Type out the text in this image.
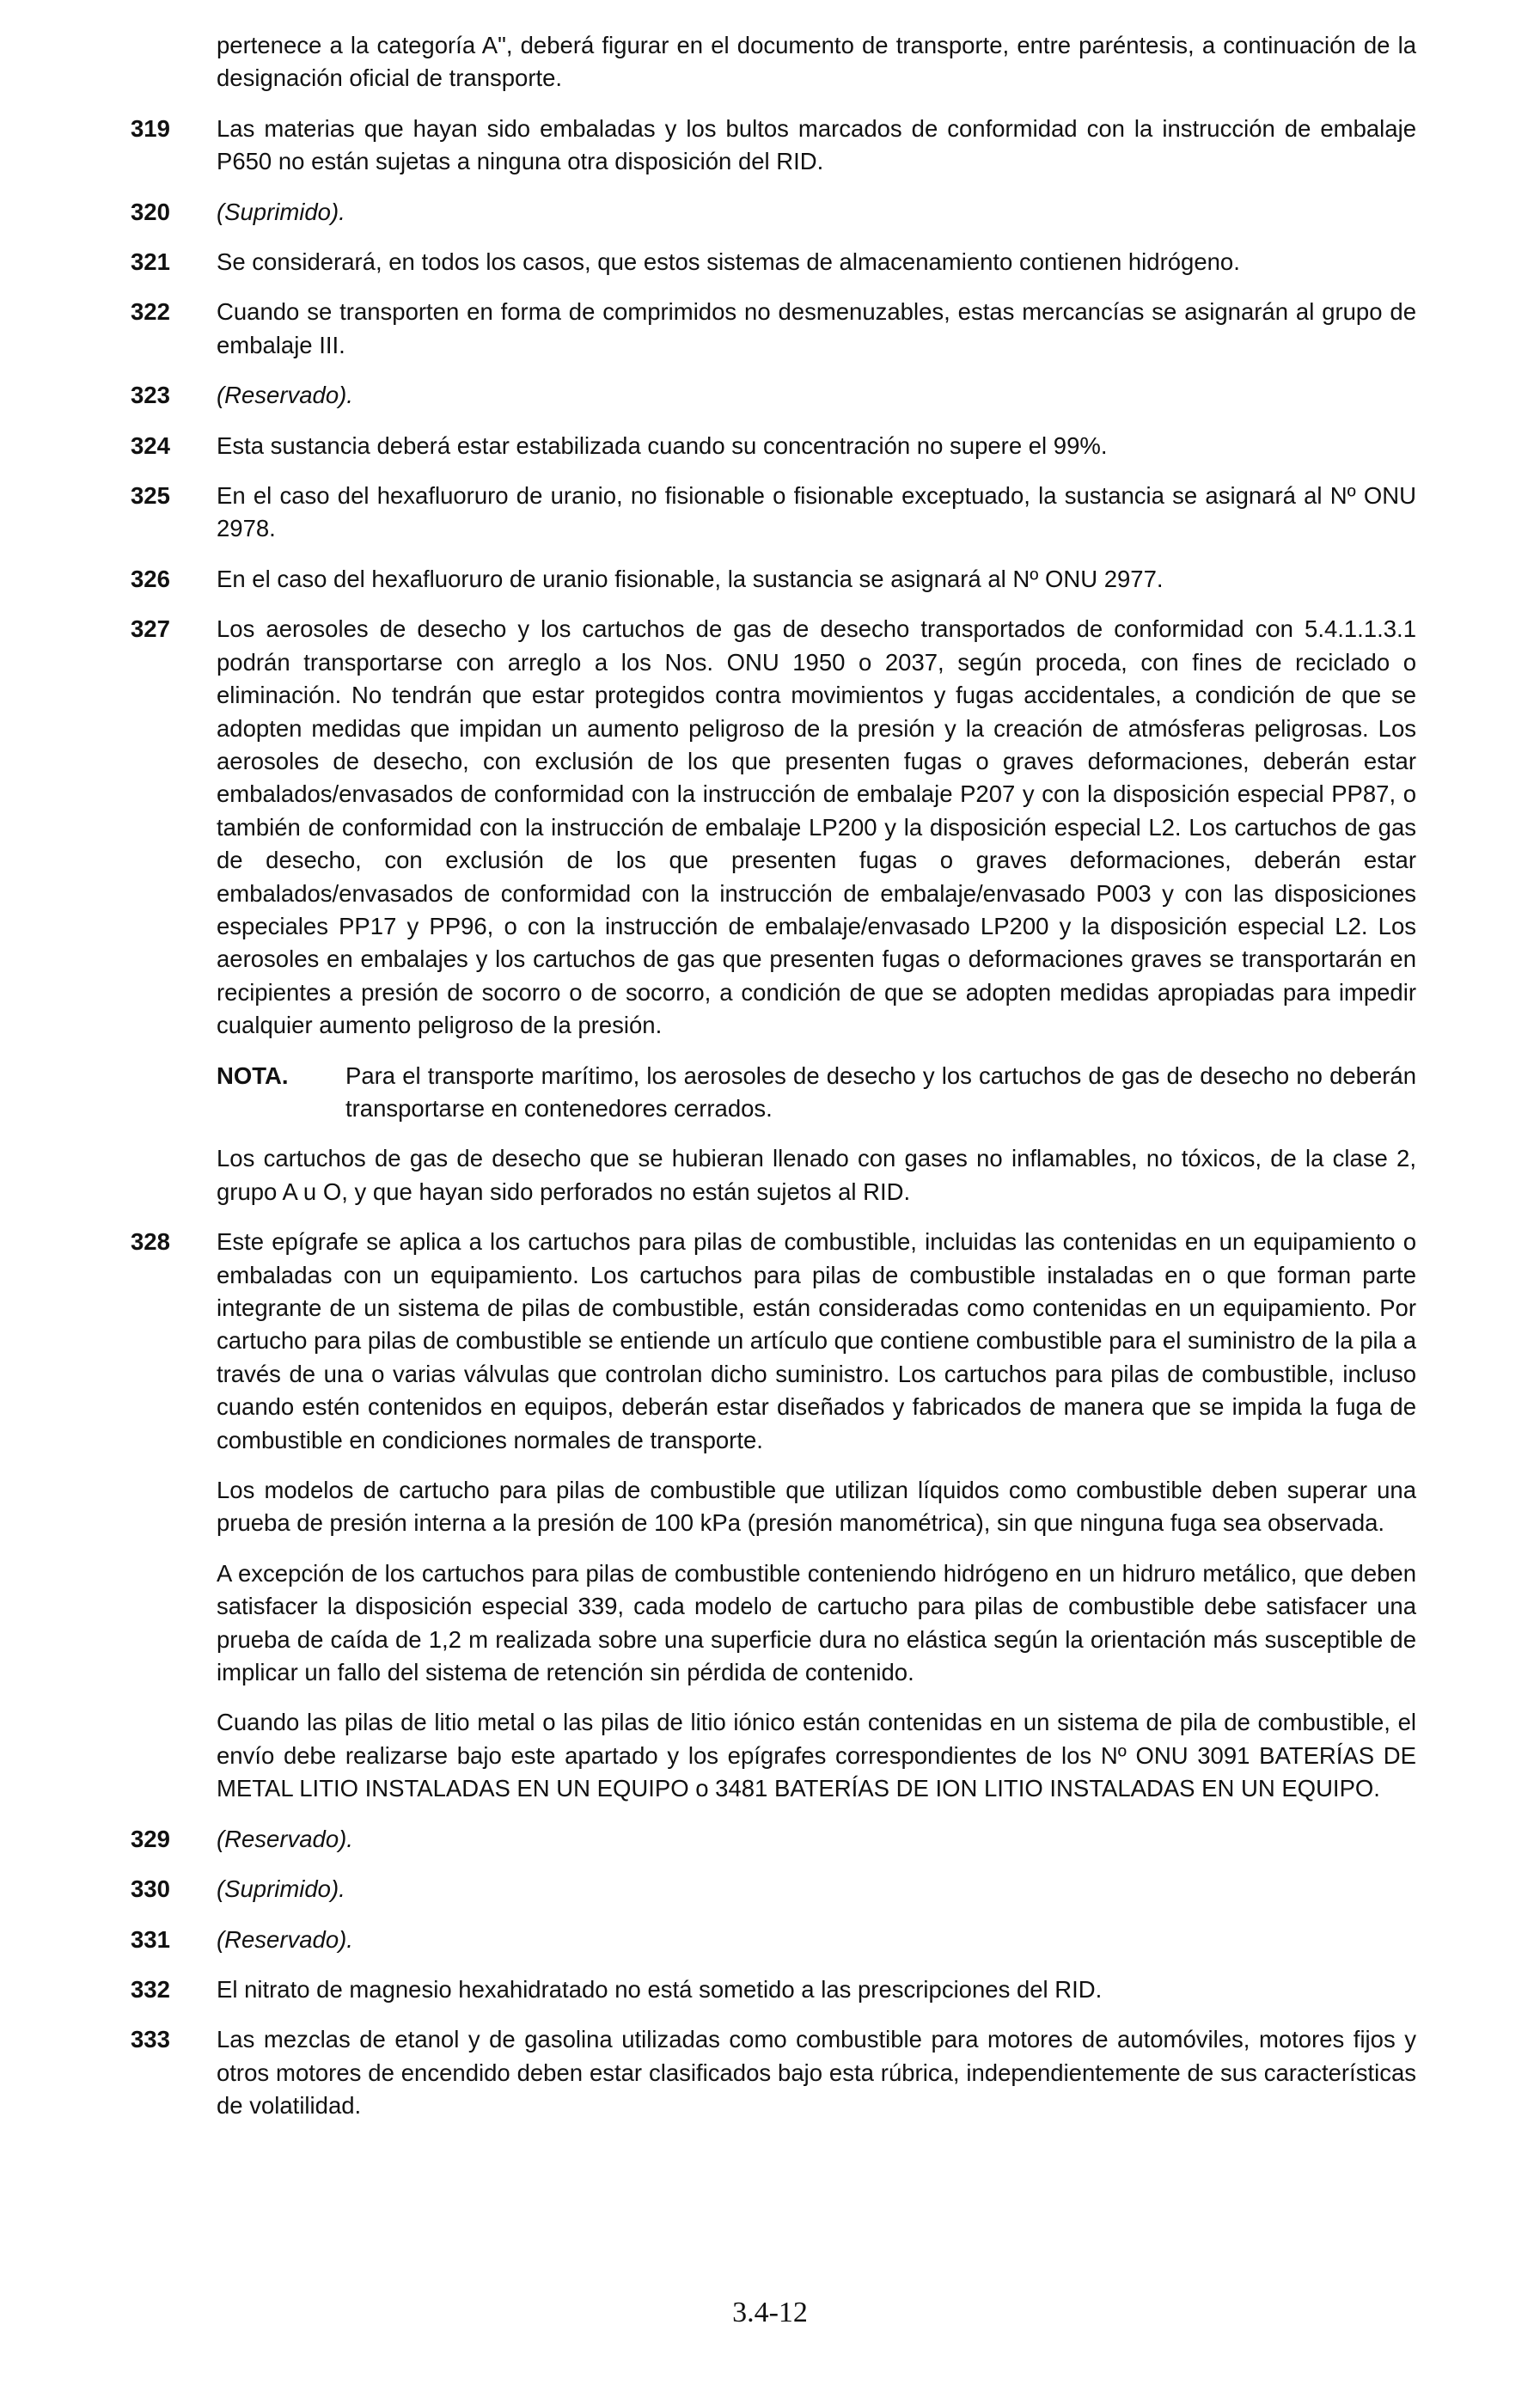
pertenece a la categoría A", deberá figurar en el documento de transporte, entre paréntesis, a continuación de la designación oficial de transporte.
319 Las materias que hayan sido embaladas y los bultos marcados de conformidad con la instrucción de embalaje P650 no están sujetas a ninguna otra disposición del RID.
320 (Suprimido).
321 Se considerará, en todos los casos, que estos sistemas de almacenamiento contienen hidrógeno.
322 Cuando se transporten en forma de comprimidos no desmenuzables, estas mercancías se asignarán al grupo de embalaje III.
323 (Reservado).
324 Esta sustancia deberá estar estabilizada cuando su concentración no supere el 99%.
325 En el caso del hexafluoruro de uranio, no fisionable o fisionable exceptuado, la sustancia se asignará al Nº ONU 2978.
326 En el caso del hexafluoruro de uranio fisionable, la sustancia se asignará al Nº ONU 2977.
327 Los aerosoles de desecho y los cartuchos de gas de desecho transportados de conformidad con 5.4.1.1.3.1 podrán transportarse con arreglo a los Nos. ONU 1950 o 2037, según proceda, con fines de reciclado o eliminación. No tendrán que estar protegidos contra movimientos y fugas accidentales, a condición de que se adopten medidas que impidan un aumento peligroso de la presión y la creación de atmósferas peligrosas. Los aerosoles de desecho, con exclusión de los que presenten fugas o graves deformaciones, deberán estar embalados/envasados de conformidad con la instrucción de embalaje P207 y con la disposición especial PP87, o también de conformidad con la instrucción de embalaje LP200 y la disposición especial L2. Los cartuchos de gas de desecho, con exclusión de los que presenten fugas o graves deformaciones, deberán estar embalados/envasados de conformidad con la instrucción de embalaje/envasado P003 y con las disposiciones especiales PP17 y PP96, o con la instrucción de embalaje/envasado LP200 y la disposición especial L2. Los aerosoles en embalajes y los cartuchos de gas que presenten fugas o deformaciones graves se transportarán en recipientes a presión de socorro o de socorro, a condición de que se adopten medidas apropiadas para impedir cualquier aumento peligroso de la presión.
NOTA. Para el transporte marítimo, los aerosoles de desecho y los cartuchos de gas de desecho no deberán transportarse en contenedores cerrados.
Los cartuchos de gas de desecho que se hubieran llenado con gases no inflamables, no tóxicos, de la clase 2, grupo A u O, y que hayan sido perforados no están sujetos al RID.
328 Este epígrafe se aplica a los cartuchos para pilas de combustible, incluidas las contenidas en un equipamiento o embaladas con un equipamiento. Los cartuchos para pilas de combustible instaladas en o que forman parte integrante de un sistema de pilas de combustible, están consideradas como contenidas en un equipamiento. Por cartucho para pilas de combustible se entiende un artículo que contiene combustible para el suministro de la pila a través de una o varias válvulas que controlan dicho suministro. Los cartuchos para pilas de combustible, incluso cuando estén contenidos en equipos, deberán estar diseñados y fabricados de manera que se impida la fuga de combustible en condiciones normales de transporte.
Los modelos de cartucho para pilas de combustible que utilizan líquidos como combustible deben superar una prueba de presión interna a la presión de 100 kPa (presión manométrica), sin que ninguna fuga sea observada.
A excepción de los cartuchos para pilas de combustible conteniendo hidrógeno en un hidruro metálico, que deben satisfacer la disposición especial 339, cada modelo de cartucho para pilas de combustible debe satisfacer una prueba de caída de 1,2 m realizada sobre una superficie dura no elástica según la orientación más susceptible de implicar un fallo del sistema de retención sin pérdida de contenido.
Cuando las pilas de litio metal o las pilas de litio iónico están contenidas en un sistema de pila de combustible, el envío debe realizarse bajo este apartado y los epígrafes correspondientes de los Nº ONU 3091 BATERÍAS DE METAL LITIO INSTALADAS EN UN EQUIPO o 3481 BATERÍAS DE ION LITIO INSTALADAS EN UN EQUIPO.
329 (Reservado).
330 (Suprimido).
331 (Reservado).
332 El nitrato de magnesio hexahidratado no está sometido a las prescripciones del RID.
333 Las mezclas de etanol y de gasolina utilizadas como combustible para motores de automóviles, motores fijos y otros motores de encendido deben estar clasificados bajo esta rúbrica, independientemente de sus características de volatilidad.
3.4-12
